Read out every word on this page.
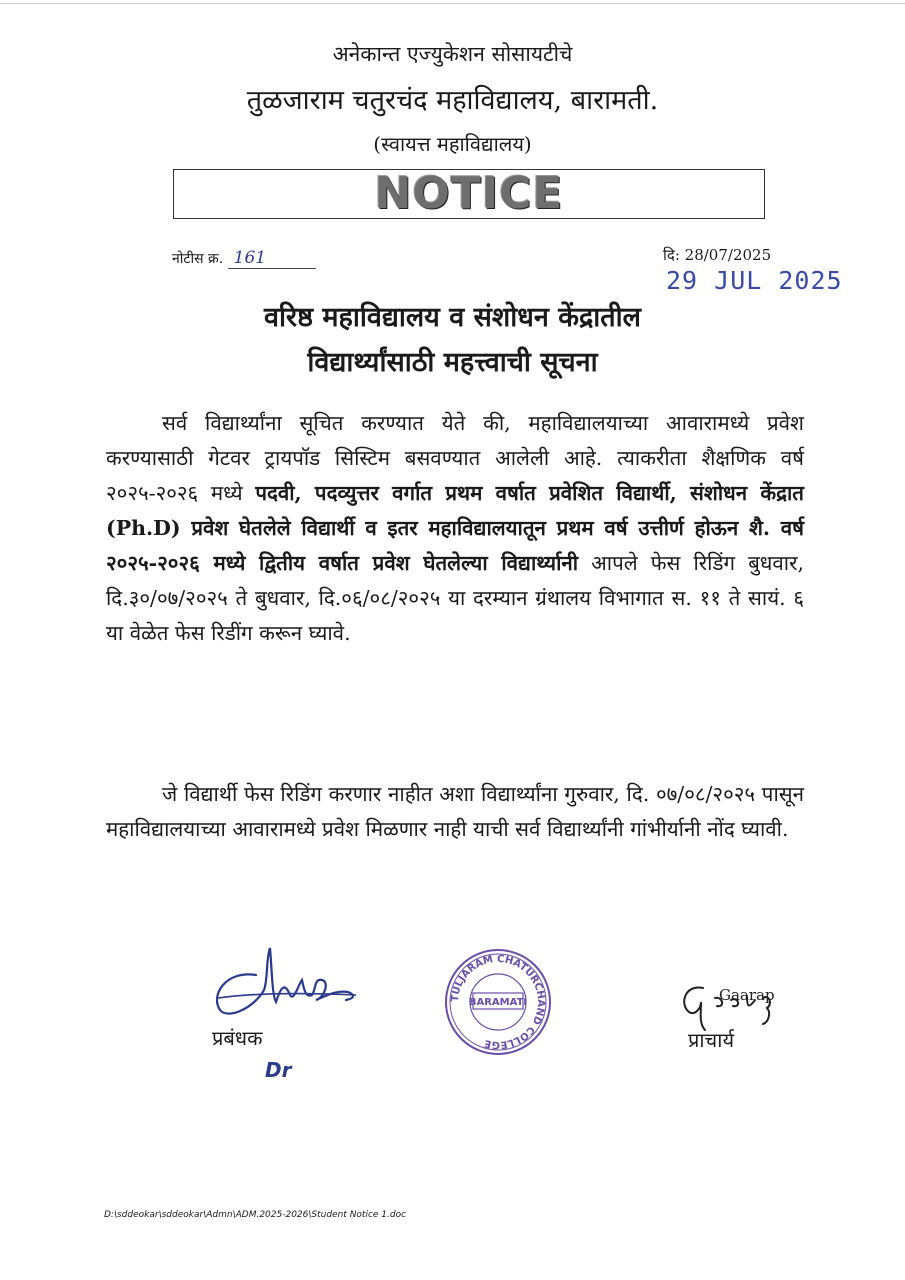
अनेकान्त एज्युकेशन सोसायटीचे
तुळजाराम चतुरचंद महाविद्यालय, बारामती.
(स्वायत्त महाविद्यालय)
NOTICE
नोटीस क्र. 161	दि: 28/07/2025
29 JUL 2025
वरिष्ठ महाविद्यालय व संशोधन केंद्रातील
विद्यार्थ्यांसाठी महत्त्वाची सूचना
सर्व विद्यार्थ्यांना सूचित करण्यात येते की, महाविद्यालयाच्या आवारामध्ये प्रवेश करण्यासाठी गेटवर ट्रायपॉड सिस्टिम बसवण्यात आलेली आहे. त्याकरीता शैक्षणिक वर्ष २०२५-२०२६ मध्ये पदवी, पदव्युत्तर वर्गात प्रथम वर्षात प्रवेशित विद्यार्थी, संशोधन केंद्रात (Ph.D) प्रवेश घेतलेले विद्यार्थी व इतर महाविद्यालयातून प्रथम वर्ष उत्तीर्ण होऊन शै. वर्ष २०२५-२०२६ मध्ये द्वितीय वर्षात प्रवेश घेतलेल्या विद्यार्थ्यानी आपले फेस रिडिंग बुधवार, दि.३०/०७/२०२५ ते बुधवार, दि.०६/०८/२०२५ या दरम्यान ग्रंथालय विभागात स. ११ ते सायं. ६ या वेळेत फेस रिडींग करून घ्यावे.
जे विद्यार्थी फेस रिडिंग करणार नाहीत अशा विद्यार्थ्यांना गुरुवार, दि. ०७/०८/२०२५ पासून महाविद्यालयाच्या आवारामध्ये प्रवेश मिळणार नाही याची सर्व विद्यार्थ्यांनी गांभीर्यानी नोंद घ्यावी.
प्रबंधक
Dr
TULJARAM CHATURCHAND COLLEGE
BARAMATI	Gaarap
प्राचार्य
D:\sddeokar\sddeokar\Admn\ADM.2025-2026\Student Notice 1.doc
